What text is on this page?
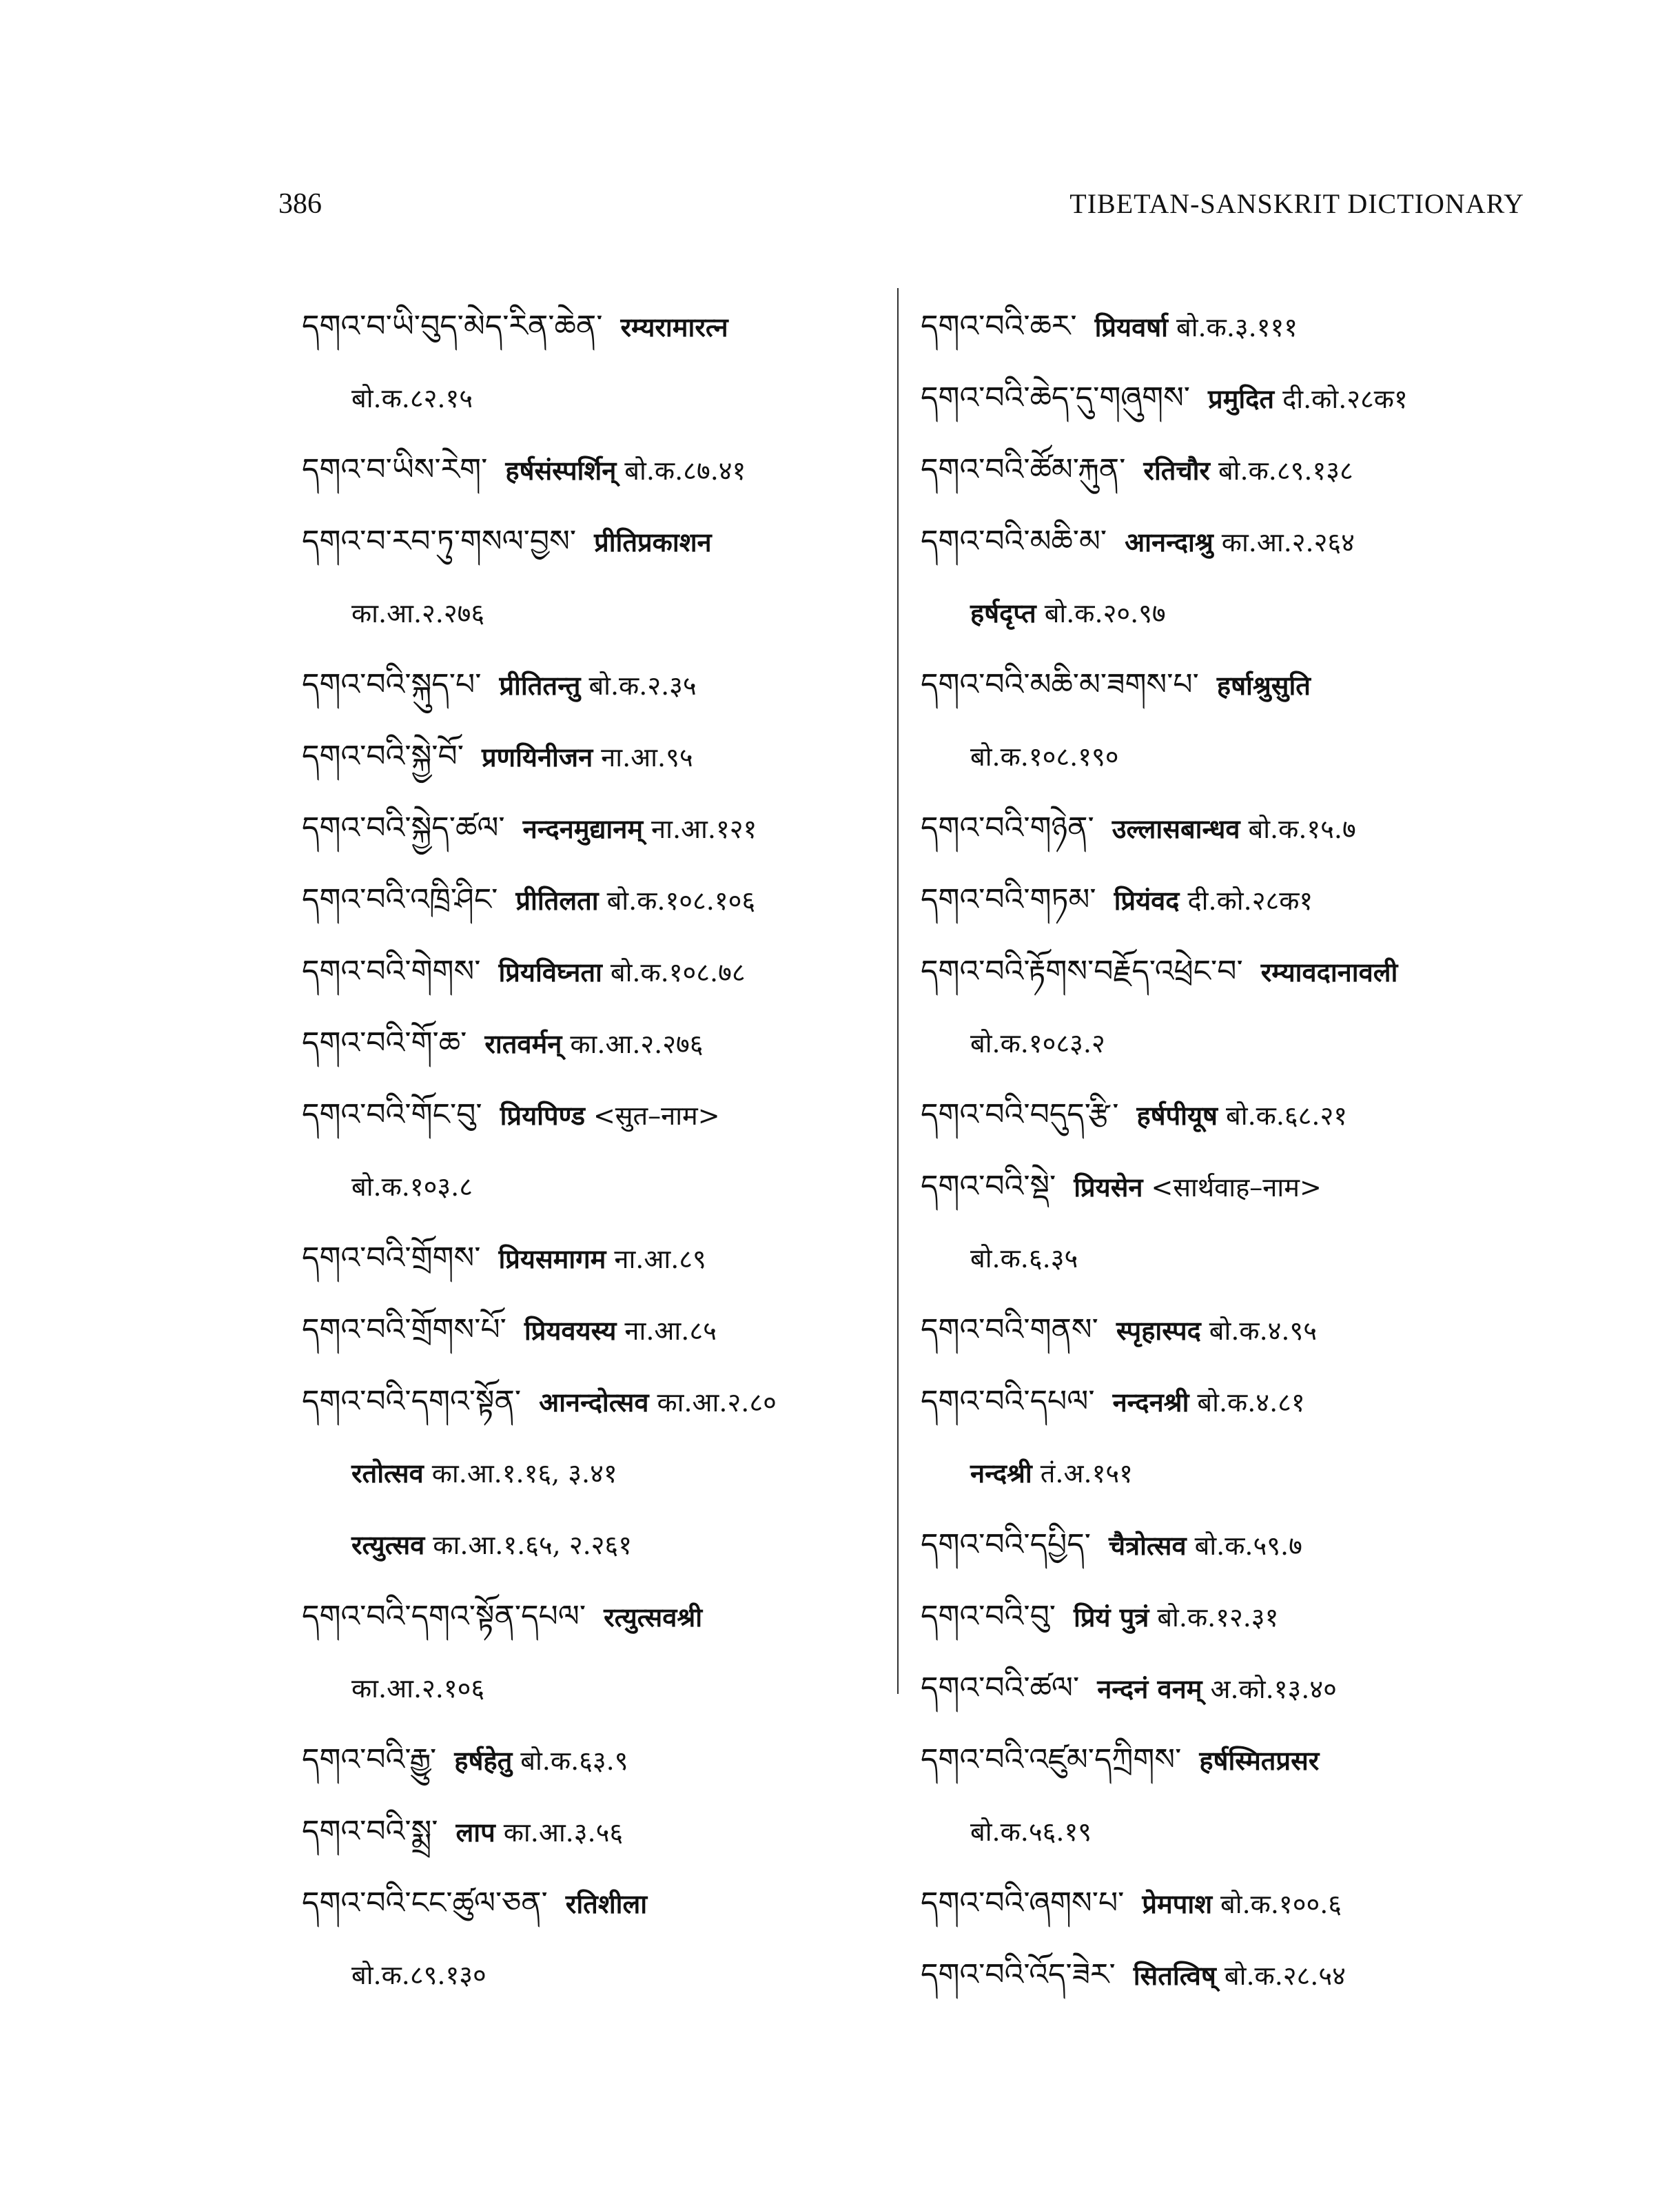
386	TIBETAN-SANSKRIT DICTIONARY
དགའ་བ་ཡི་བུད་མེད་རིན་ཆེན་ रम्यरामारत्न
बो.क.८२.१५
དགའ་བ་ཡིས་རེག་ हर्षसंस्पर्शिन् बो.क.८७.४१
དགའ་བ་རབ་ཏུ་གསལ་བྱས་ प्रीतिप्रकाशन
का.आ.२.२७६
དགའ་བའི་སྐུད་པ་ प्रीतितन्तु बो.क.२.३५
དགའ་བའི་སྐྱེ་བོ་ प्रणयिनीजन ना.आ.९५
དགའ་བའི་སྐྱེད་ཚལ་ नन्दनमुद्यानम् ना.आ.१२१
དགའ་བའི་འཁྲི་ཤིང་ प्रीतिलता बो.क.१०८.१०६
དགའ་བའི་གེགས་ प्रियविघ्नता बो.क.१०८.७८
དགའ་བའི་གོ་ཆ་ रातवर्मन् का.आ.२.२७६
དགའ་བའི་གོང་བུ་ प्रियपिण्ड <सुत–नाम>
बो.क.१०३.८
དགའ་བའི་གྲོགས་ प्रियसमागम ना.आ.८९
དགའ་བའི་གྲོགས་པོ་ प्रियवयस्य ना.आ.८५
དགའ་བའི་དགའ་སྟོན་ आनन्दोत्सव का.आ.२.८०
रतोत्सव का.आ.१.१६, ३.४१
रत्युत्सव का.आ.१.६५, २.२६१
དགའ་བའི་དགའ་སྟོན་དཔལ་ रत्युत्सवश्री
का.आ.२.१०६
དགའ་བའི་རྒྱུ་ हर्षहेतु बो.क.६३.९
དགའ་བའི་སྨྲ་ लाप का.आ.३.५६
དགའ་བའི་ངང་ཚུལ་ཅན་ रतिशीला
बो.क.८९.१३०
དགའ་བའི་ཆར་ प्रियवर्षा बो.क.३.१११
དགའ་བའི་ཆེད་དུ་གཞུགས་ प्रमुदित दी.को.२८क१
དགའ་བའི་ཚོམ་རྐུན་ रतिचौर बो.क.८९.१३८
དགའ་བའི་མཆི་མ་ आनन्दाश्रु का.आ.२.२६४
हर्षदृप्त बो.क.२०.९७
དགའ་བའི་མཆི་མ་ཟགས་པ་ हर्षाश्रुसुति
बो.क.१०८.१९०
དགའ་བའི་གཉེན་ उल्लासबान्धव बो.क.१५.७
དགའ་བའི་གཏམ་ प्रियंवद दी.को.२८क१
དགའ་བའི་རྟོགས་བརྗོད་འཕྲེང་བ་ रम्यावदानावली
बो.क.१०८३.२
དགའ་བའི་བདུད་རྩི་ हर्षपीयूष बो.क.६८.२१
དགའ་བའི་སྡེ་ प्रियसेन <सार्थवाह–नाम>
बो.क.६.३५
དགའ་བའི་གནས་ स्पृहास्पद बो.क.४.९५
དགའ་བའི་དཔལ་ नन्दनश्री बो.क.४.८१
नन्दश्री तं.अ.१५१
དགའ་བའི་དཔྱིད་ चैत्रोत्सव बो.क.५९.७
དགའ་བའི་བུ་ प्रियं पुत्रं बो.क.१२.३१
དགའ་བའི་ཚལ་ नन्दनं वनम् अ.को.१३.४०
དགའ་བའི་འཛུམ་དཀྲིགས་ हर्षस्मितप्रसर
बो.क.५६.१९
དགའ་བའི་ཞགས་པ་ प्रेमपाश बो.क.१००.६
དགའ་བའི་འོད་ཟེར་ सितत्विष् बो.क.२८.५४
